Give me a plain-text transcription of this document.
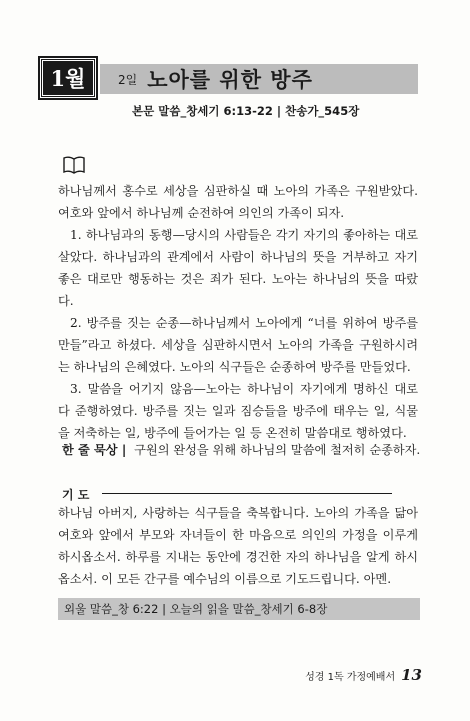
1월	2일 노아를 위한 방주
본문 말씀_창세기 6:13-22 | 찬송가_545장

하나님께서 홍수로 세상을 심판하실 때 노아의 가족은 구원받았다. 여호와 앞에서 하나님께 순전하여 의인의 가족이 되자.

1. 하나님과의 동행—당시의 사람들은 각기 자기의 좋아하는 대로 살았다. 하나님과의 관계에서 사람이 하나님의 뜻을 거부하고 자기 좋은 대로만 행동하는 것은 죄가 된다. 노아는 하나님의 뜻을 따랐다.

2. 방주를 짓는 순종—하나님께서 노아에게 “너를 위하여 방주를 만들”라고 하셨다. 세상을 심판하시면서 노아의 가족을 구원하시려는 하나님의 은혜였다. 노아의 식구들은 순종하여 방주를 만들었다.

3. 말씀을 어기지 않음—노아는 하나님이 자기에게 명하신 대로 다 준행하였다. 방주를 짓는 일과 짐승들을 방주에 태우는 일, 식물을 저축하는 일, 방주에 들어가는 일 등 온전히 말씀대로 행하였다.

한 줄 묵상 | 구원의 완성을 위해 하나님의 말씀에 철저히 순종하자.
기 도
하나님 아버지, 사랑하는 식구들을 축복합니다. 노아의 가족을 닮아 여호와 앞에서 부모와 자녀들이 한 마음으로 의인의 가정을 이루게 하시옵소서. 하루를 지내는 동안에 경건한 자의 하나님을 알게 하시옵소서. 이 모든 간구를 예수님의 이름으로 기도드립니다. 아멘.
외울 말씀_창 6:22 | 오늘의 읽을 말씀_창세기 6-8장
성경 1독 가정예배서 13
